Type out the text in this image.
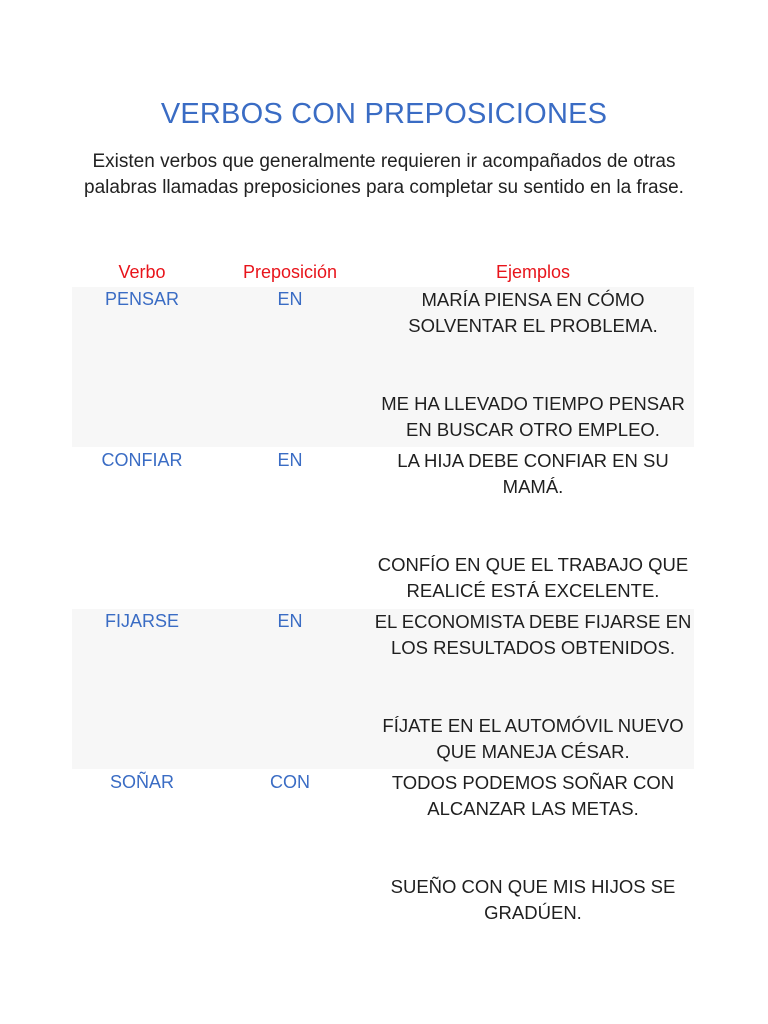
VERBOS CON PREPOSICIONES
Existen verbos que generalmente requieren ir acompañados de otras palabras llamadas preposiciones para completar su sentido en la frase.
Verbo	Preposición	Ejemplos
PENSAR	EN	MARÍA PIENSA EN CÓMO SOLVENTAR EL PROBLEMA.
ME HA LLEVADO TIEMPO PENSAR EN BUSCAR OTRO EMPLEO.
CONFIAR	EN	LA HIJA DEBE CONFIAR EN SU MAMÁ.
CONFÍO EN QUE EL TRABAJO QUE REALICÉ ESTÁ EXCELENTE.
FIJARSE	EN	EL ECONOMISTA DEBE FIJARSE EN LOS RESULTADOS OBTENIDOS.
FÍJATE EN EL AUTOMÓVIL NUEVO QUE MANEJA CÉSAR.
SOÑAR	CON	TODOS PODEMOS SOÑAR CON ALCANZAR LAS METAS.
SUEÑO CON QUE MIS HIJOS SE GRADÚEN.
